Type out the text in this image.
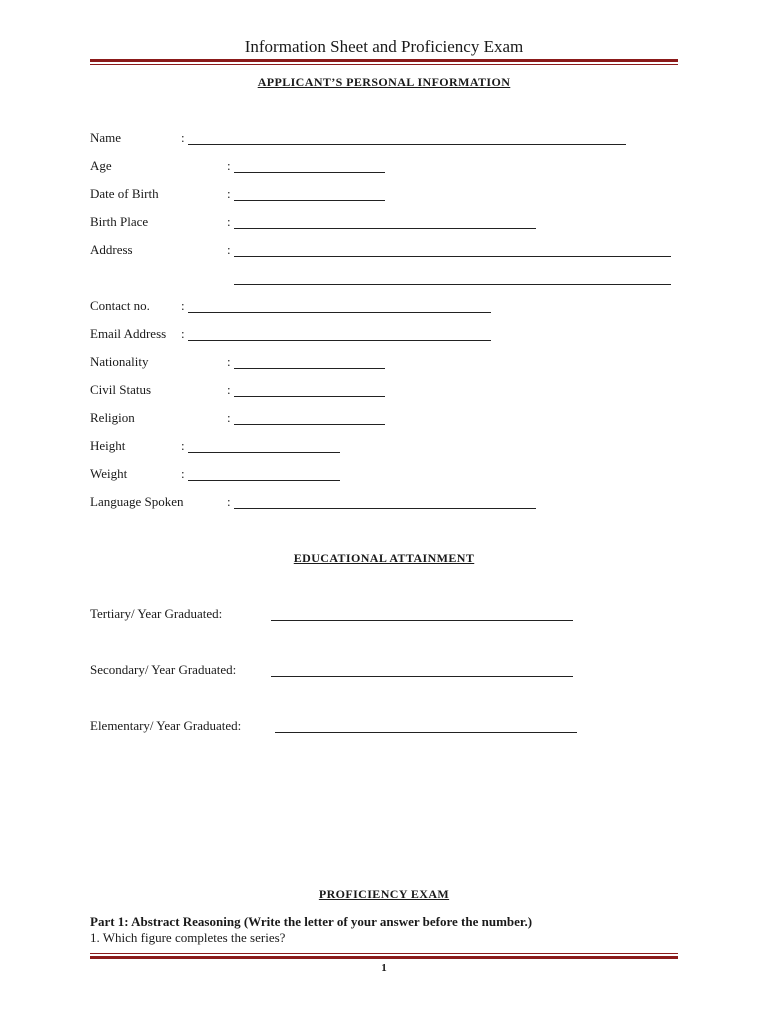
Information Sheet and Proficiency Exam
APPLICANT’S PERSONAL INFORMATION
Name	:
Age	:
Date of Birth	:
Birth Place	:
Address	:
Contact no. :
Email Address :
Nationality	:
Civil Status	:
Religion	:
Height	:
Weight	:
Language Spoken	:
EDUCATIONAL ATTAINMENT
Tertiary/ Year Graduated:
Secondary/ Year Graduated:
Elementary/ Year Graduated:
PROFICIENCY EXAM
Part 1: Abstract Reasoning (Write the letter of your answer before the number.)
1. Which figure completes the series?
1
